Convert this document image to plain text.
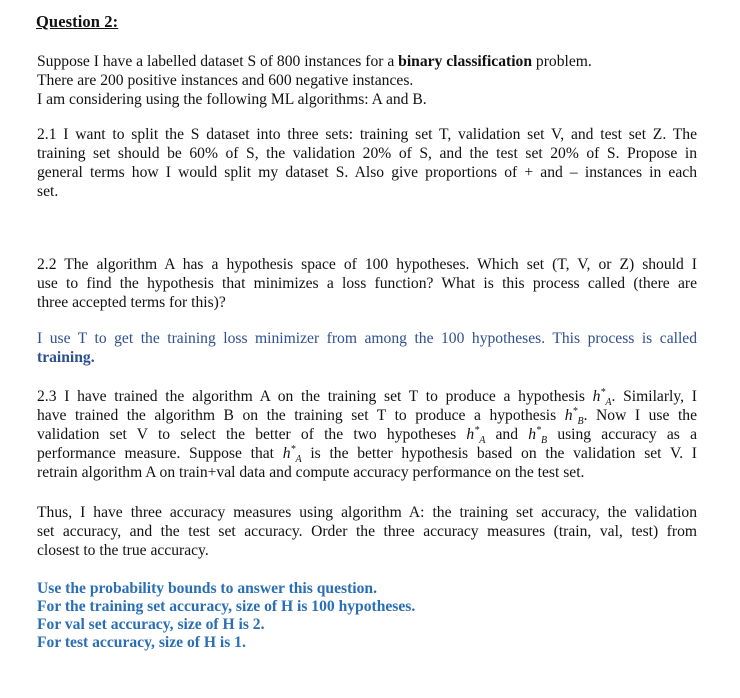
Question 2:

Suppose I have a labelled dataset S of 800 instances for a binary classification problem.
There are 200 positive instances and 600 negative instances.
I am considering using the following ML algorithms: A and B.

2.1 I want to split the S dataset into three sets: training set T, validation set V, and test set Z. The
training set should be 60% of S, the validation 20% of S, and the test set 20% of S. Propose in
general terms how I would split my dataset S. Also give proportions of + and – instances in each
set.

2.2 The algorithm A has a hypothesis space of 100 hypotheses. Which set (T, V, or Z) should I
use to find the hypothesis that minimizes a loss function? What is this process called (there are
three accepted terms for this)?

I use T to get the training loss minimizer from among the 100 hypotheses. This process is called
training.

2.3 I have trained the algorithm A on the training set T to produce a hypothesis $h^*_A$. Similarly, I
have trained the algorithm B on the training set T to produce a hypothesis $h^*_B$. Now I use the
validation set V to select the better of the two hypotheses $h^*_A$ and $h^*_B$ using accuracy as a
performance measure. Suppose that $h^*_A$ is the better hypothesis based on the validation set V. I
retrain algorithm A on train+val data and compute accuracy performance on the test set.

Thus, I have three accuracy measures using algorithm A: the training set accuracy, the validation
set accuracy, and the test set accuracy. Order the three accuracy measures (train, val, test) from
closest to the true accuracy.

Use the probability bounds to answer this question.
For the training set accuracy, size of H is 100 hypotheses.
For val set accuracy, size of H is 2.
For test accuracy, size of H is 1.
